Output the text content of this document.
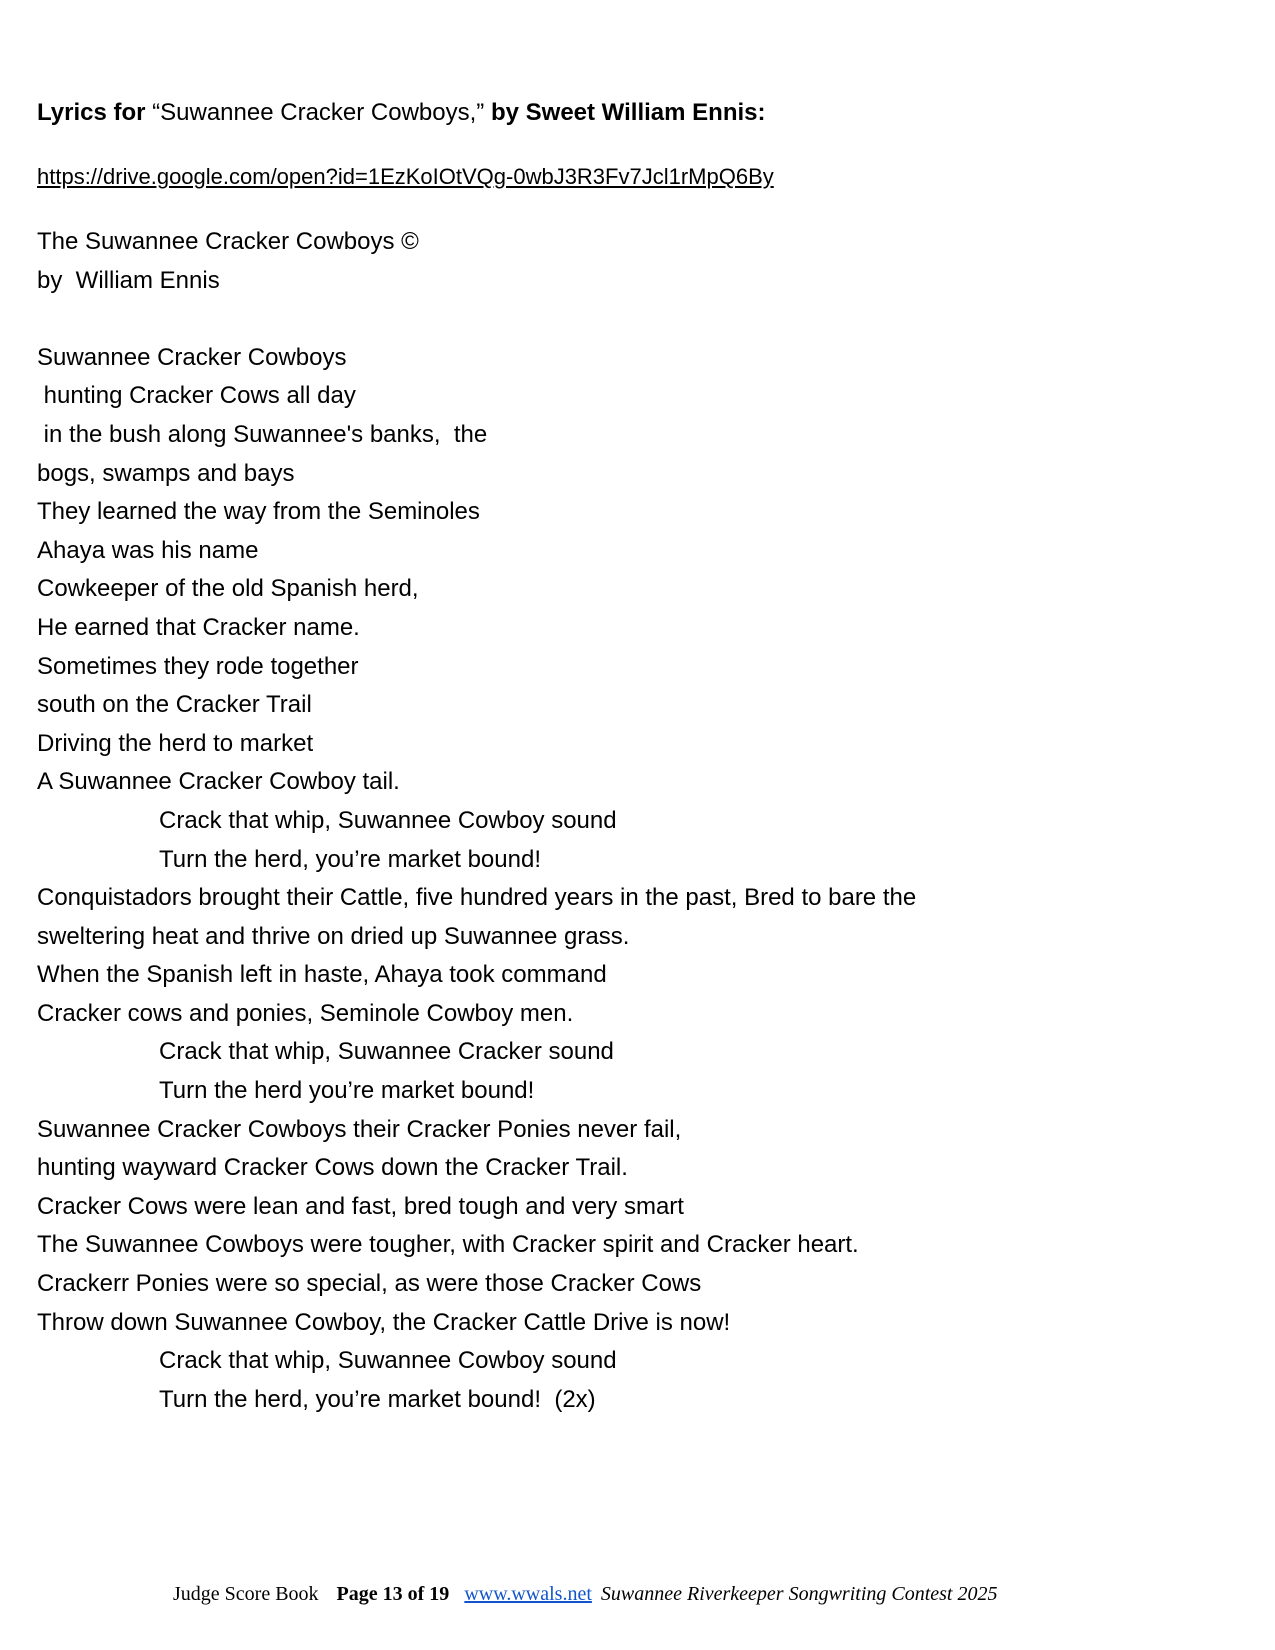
Lyrics for “Suwannee Cracker Cowboys,” by Sweet William Ennis:
https://drive.google.com/open?id=1EzKoIOtVQg-0wbJ3R3Fv7Jcl1rMpQ6By
The Suwannee Cracker Cowboys ©
by  William Ennis
Suwannee Cracker Cowboys
hunting Cracker Cows all day
in the bush along Suwannee's banks,  the
bogs, swamps and bays
They learned the way from the Seminoles
Ahaya was his name
Cowkeeper of the old Spanish herd,
He earned that Cracker name.
Sometimes they rode together
south on the Cracker Trail
Driving the herd to market
A Suwannee Cracker Cowboy tail.
Crack that whip, Suwannee Cowboy sound
Turn the herd, you’re market bound!
Conquistadors brought their Cattle, five hundred years in the past, Bred to bare the
sweltering heat and thrive on dried up Suwannee grass.
When the Spanish left in haste, Ahaya took command
Cracker cows and ponies, Seminole Cowboy men.
Crack that whip, Suwannee Cracker sound
Turn the herd you’re market bound!
Suwannee Cracker Cowboys their Cracker Ponies never fail,
hunting wayward Cracker Cows down the Cracker Trail.
Cracker Cows were lean and fast, bred tough and very smart
The Suwannee Cowboys were tougher, with Cracker spirit and Cracker heart.
Crackerr Ponies were so special, as were those Cracker Cows
Throw down Suwannee Cowboy, the Cracker Cattle Drive is now!
Crack that whip, Suwannee Cowboy sound
Turn the herd, you’re market bound!  (2x)
Judge Score Book Page 13 of 19 www.wwals.net Suwannee Riverkeeper Songwriting Contest 2025
